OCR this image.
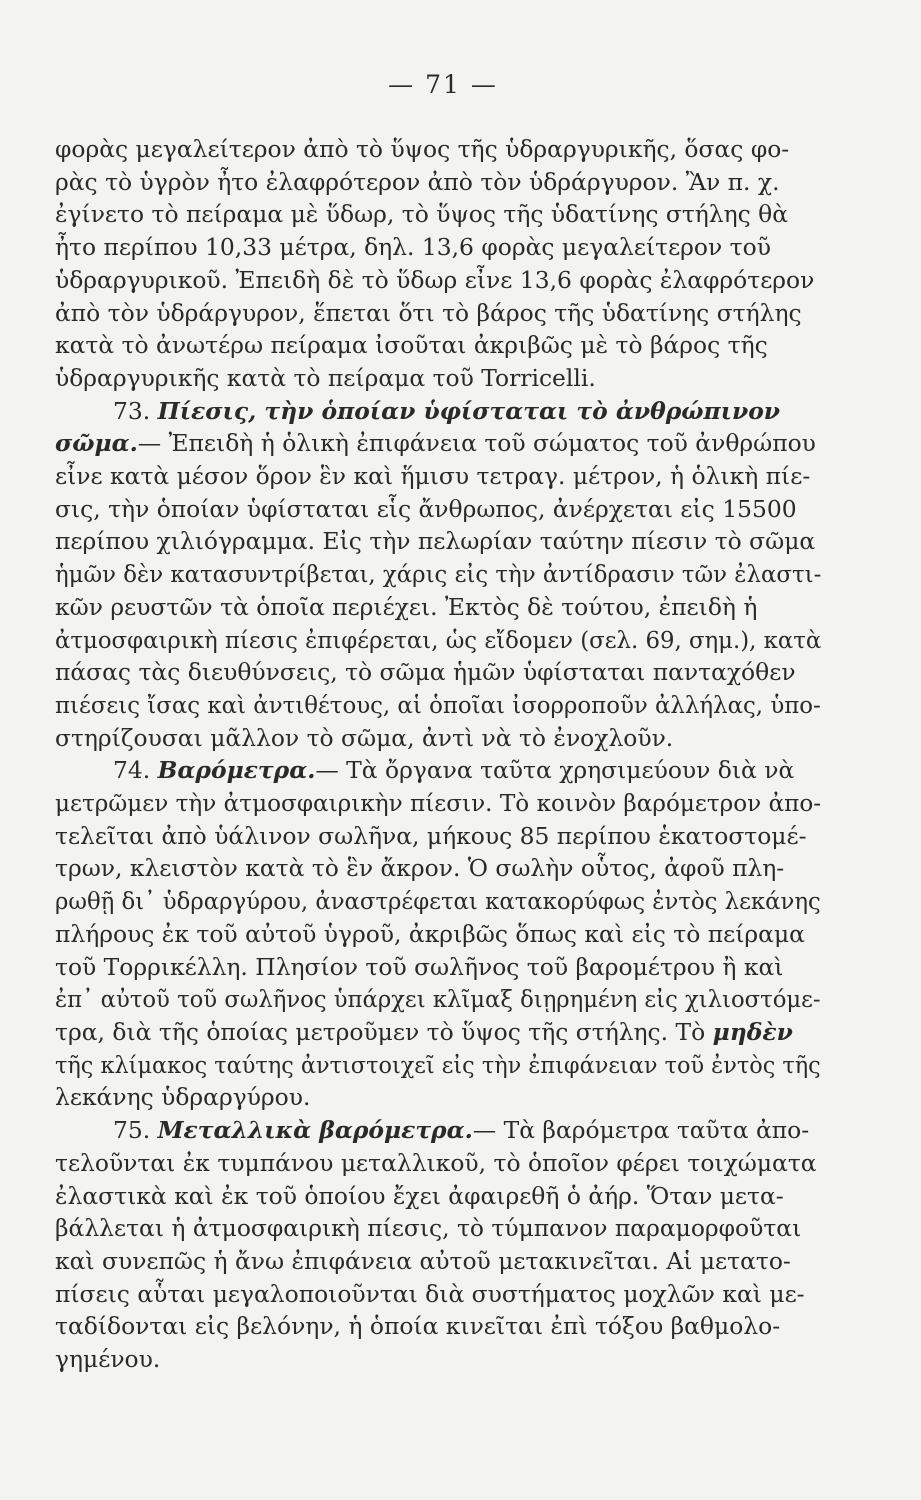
— 71 —

φορὰς μεγαλείτερον ἀπὸ τὸ ὕψος τῆς ὑδραργυρικῆς, ὅσας φο-
ρὰς τὸ ὑγρὸν ἦτο ἐλαφρότερον ἀπὸ τὸν ὑδράργυρον. Ἂν π. χ.
ἐγίνετο τὸ πείραμα μὲ ὕδωρ, τὸ ὕψος τῆς ὑδατίνης στήλης θὰ
ἦτο περίπου 10,33 μέτρα, δηλ. 13,6 φορὰς μεγαλείτερον τοῦ
ὑδραργυρικοῦ. Ἐπειδὴ δὲ τὸ ὕδωρ εἶνε 13,6 φορὰς ἐλαφρότερον
ἀπὸ τὸν ὑδράργυρον, ἕπεται ὅτι τὸ βάρος τῆς ὑδατίνης στήλης
κατὰ τὸ ἀνωτέρω πείραμα ἰσοῦται ἀκριβῶς μὲ τὸ βάρος τῆς
ὑδραργυρικῆς κατὰ τὸ πείραμα τοῦ Torricelli.

73. Πίεσις, τὴν ὁποίαν ὑφίσταται τὸ ἀνθρώπινον
σῶμα.— Ἐπειδὴ ἡ ὁλικὴ ἐπιφάνεια τοῦ σώματος τοῦ ἀνθρώπου
εἶνε κατὰ μέσον ὅρον ἓν καὶ ἥμισυ τετραγ. μέτρον, ἡ ὁλικὴ πίε-
σις, τὴν ὁποίαν ὑφίσταται εἷς ἄνθρωπος, ἀνέρχεται εἰς 15500
περίπου χιλιόγραμμα. Εἰς τὴν πελωρίαν ταύτην πίεσιν τὸ σῶμα
ἡμῶν δὲν κατασυντρίβεται, χάρις εἰς τὴν ἀντίδρασιν τῶν ἐλαστι-
κῶν ρευστῶν τὰ ὁποῖα περιέχει. Ἐκτὸς δὲ τούτου, ἐπειδὴ ἡ
ἀτμοσφαιρικὴ πίεσις ἐπιφέρεται, ὡς εἴδομεν (σελ. 69, σημ.), κατὰ
πάσας τὰς διευθύνσεις, τὸ σῶμα ἡμῶν ὑφίσταται πανταχόθεν
πιέσεις ἴσας καὶ ἀντιθέτους, αἱ ὁποῖαι ἰσορροποῦν ἀλλήλας, ὑπο-
στηρίζουσαι μᾶλλον τὸ σῶμα, ἀντὶ νὰ τὸ ἐνοχλοῦν.

74. Βαρόμετρα.— Τὰ ὄργανα ταῦτα χρησιμεύουν διὰ νὰ
μετρῶμεν τὴν ἀτμοσφαιρικὴν πίεσιν. Τὸ κοινὸν βαρόμετρον ἀπο-
τελεῖται ἀπὸ ὑάλινον σωλῆνα, μήκους 85 περίπου ἑκατοστομέ-
τρων, κλειστὸν κατὰ τὸ ἓν ἄκρον. Ὁ σωλὴν οὗτος, ἀφοῦ πλη-
ρωθῇ δι᾿ ὑδραργύρου, ἀναστρέφεται κατακορύφως ἐντὸς λεκάνης
πλήρους ἐκ τοῦ αὐτοῦ ὑγροῦ, ἀκριβῶς ὅπως καὶ εἰς τὸ πείραμα
τοῦ Τορρικέλλη. Πλησίον τοῦ σωλῆνος τοῦ βαρομέτρου ἢ καὶ
ἐπ᾿ αὐτοῦ τοῦ σωλῆνος ὑπάρχει κλῖμαξ διῃρημένη εἰς χιλιοστόμε-
τρα, διὰ τῆς ὁποίας μετροῦμεν τὸ ὕψος τῆς στήλης. Τὸ μηδὲν
τῆς κλίμακος ταύτης ἀντιστοιχεῖ εἰς τὴν ἐπιφάνειαν τοῦ ἐντὸς τῆς
λεκάνης ὑδραργύρου.

75. Μεταλλικὰ βαρόμετρα.— Τὰ βαρόμετρα ταῦτα ἀπο-
τελοῦνται ἐκ τυμπάνου μεταλλικοῦ, τὸ ὁποῖον φέρει τοιχώματα
ἐλαστικὰ καὶ ἐκ τοῦ ὁποίου ἔχει ἀφαιρεθῆ ὁ ἀήρ. Ὅταν μετα-
βάλλεται ἡ ἀτμοσφαιρικὴ πίεσις, τὸ τύμπανον παραμορφοῦται
καὶ συνεπῶς ἡ ἄνω ἐπιφάνεια αὐτοῦ μετακινεῖται. Αἱ μετατο-
πίσεις αὗται μεγαλοποιοῦνται διὰ συστήματος μοχλῶν καὶ με-
ταδίδονται εἰς βελόνην, ἡ ὁποία κινεῖται ἐπὶ τόξου βαθμολο-
γημένου.
